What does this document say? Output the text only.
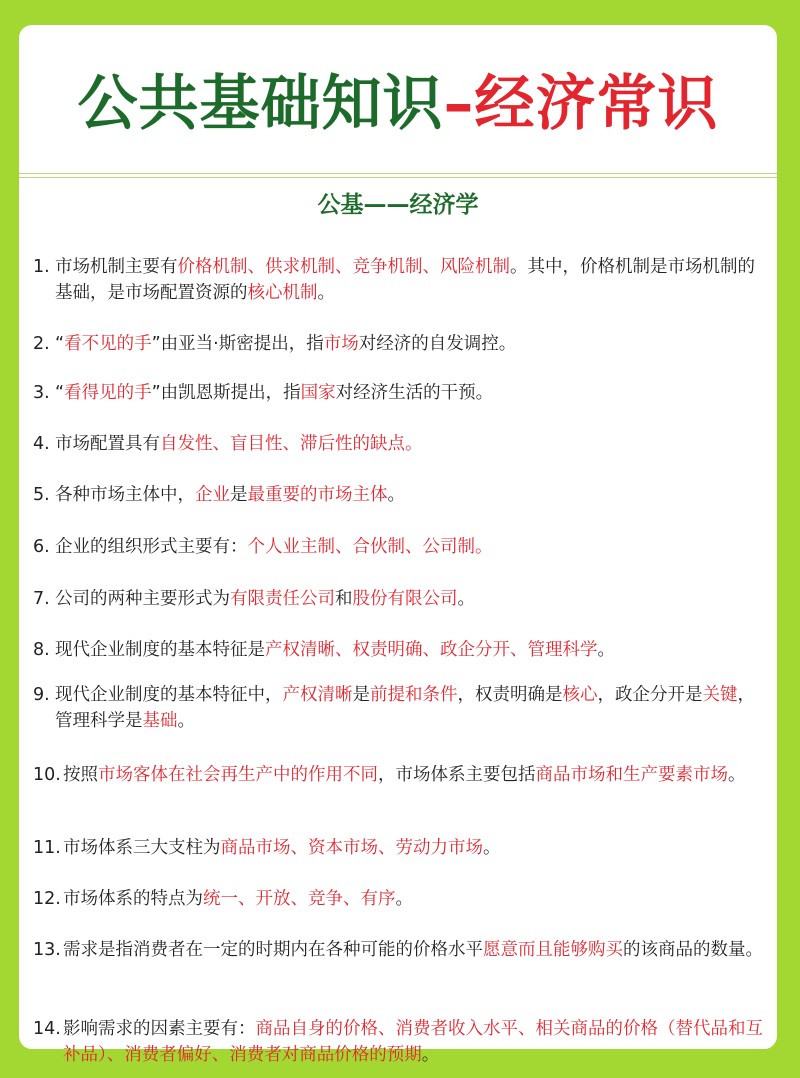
公共基础知识 –经济常识
公基——经济学
1. 市场机制主要有价格机制、供求机制、竞争机制、风险机制。其中，价格机制是市场机制的基础，是市场配置资源的核心机制。
2. “看不见的手”由亚当·斯密提出，指市场对经济的自发调控。
3. “看得见的手”由凯恩斯提出，指国家对经济生活的干预。
4. 市场配置具有自发性、盲目性、滞后性的缺点。
5. 各种市场主体中，企业是最重要的市场主体。
6. 企业的组织形式主要有：个人业主制、合伙制、公司制。
7. 公司的两种主要形式为有限责任公司和股份有限公司。
8. 现代企业制度的基本特征是产权清晰、权责明确、政企分开、管理科学。
9. 现代企业制度的基本特征中，产权清晰是前提和条件，权责明确是核心，政企分开是关键，管理科学是基础。
10. 按照市场客体在社会再生产中的作用不同，市场体系主要包括商品市场和生产要素市场。
11. 市场体系三大支柱为商品市场、资本市场、劳动力市场。
12. 市场体系的特点为统一、开放、竞争、有序。
13. 需求是指消费者在一定的时期内在各种可能的价格水平愿意而且能够购买的该商品的数量。
14. 影响需求的因素主要有：商品自身的价格、消费者收入水平、相关商品的价格（替代品和互补品）、消费者偏好、消费者对商品价格的预期。
